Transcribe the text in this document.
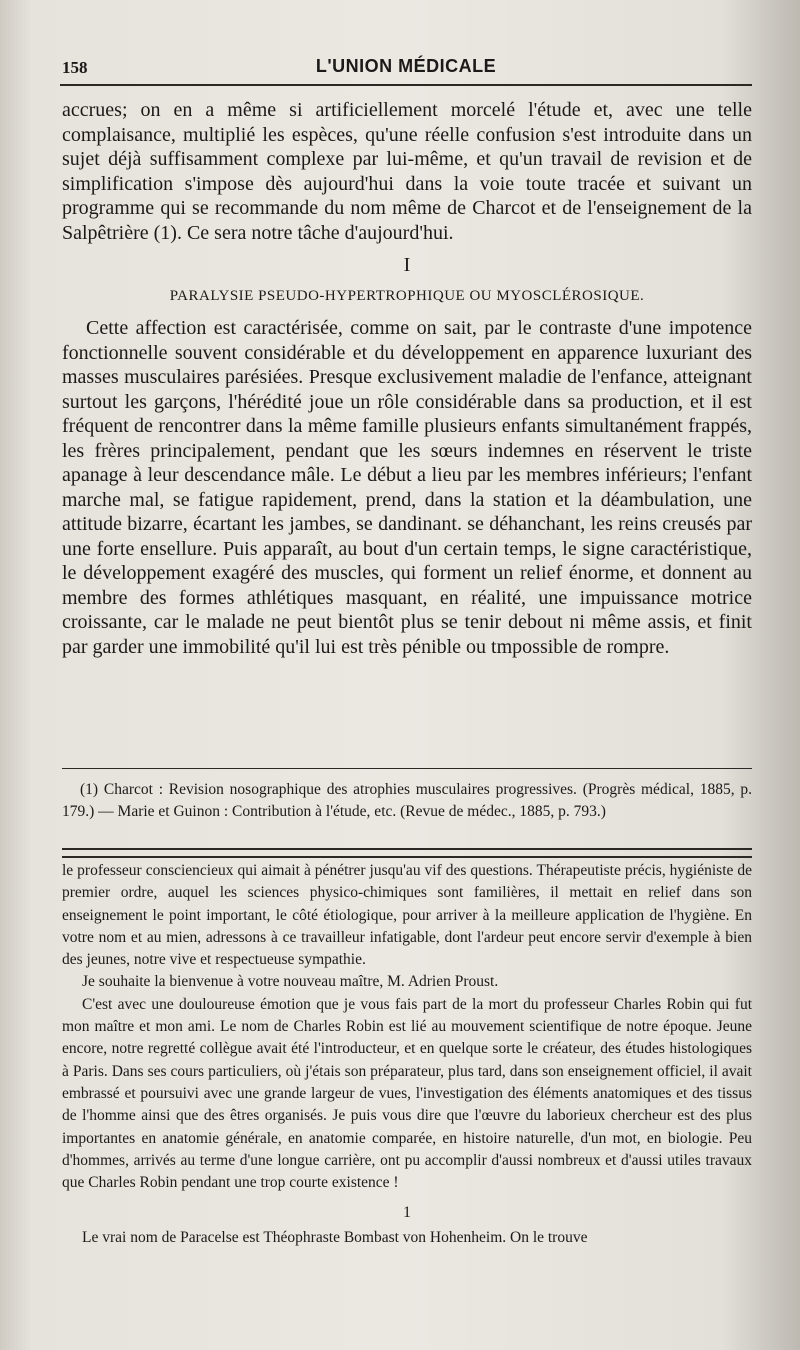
158	L'UNION MÉDICALE

accrues; on en a même si artificiellement morcelé l'étude et, avec une telle complaisance, multiplié les espèces, qu'une réelle confusion s'est introduite dans un sujet déjà suffisamment complexe par lui-même, et qu'un travail de revision et de simplification s'impose dès aujourd'hui dans la voie toute tracée et suivant un programme qui se recommande du nom même de Charcot et de l'enseignement de la Salpêtrière (1). Ce sera notre tâche d'aujourd'hui.

I
PARALYSIE PSEUDO-HYPERTROPHIQUE OU MYOSCLÉROSIQUE.

Cette affection est caractérisée, comme on sait, par le contraste d'une impotence fonctionnelle souvent considérable et du développement en apparence luxuriant des masses musculaires parésiées. Presque exclusivement maladie de l'enfance, atteignant surtout les garçons, l'hérédité joue un rôle considérable dans sa production, et il est fréquent de rencontrer dans la même famille plusieurs enfants simultanément frappés, les frères principalement, pendant que les sœurs indemnes en réservent le triste apanage à leur descendance mâle. Le début a lieu par les membres inférieurs; l'enfant marche mal, se fatigue rapidement, prend, dans la station et la déambulation, une attitude bizarre, écartant les jambes, se dandinant. se déhanchant, les reins creusés par une forte ensellure. Puis apparaît, au bout d'un certain temps, le signe caractéristique, le développement exagéré des muscles, qui forment un relief énorme, et donnent au membre des formes athlétiques masquant, en réalité, une impuissance motrice croissante, car le malade ne peut bientôt plus se tenir debout ni même assis, et finit par garder une immobilité qu'il lui est très pénible ou tmpossible de rompre.

(1) Charcot : Revision nosographique des atrophies musculaires progressives. (Progrès médical, 1885, p. 179.) — Marie et Guinon : Contribution à l'étude, etc. (Revue de médec., 1885, p. 793.)

le professeur consciencieux qui aimait à pénétrer jusqu'au vif des questions. Thérapeutiste précis, hygiéniste de premier ordre, auquel les sciences physico-chimiques sont familières, il mettait en relief dans son enseignement le point important, le côté étiologique, pour arriver à la meilleure application de l'hygiène. En votre nom et au mien, adressons à ce travailleur infatigable, dont l'ardeur peut encore servir d'exemple à bien des jeunes, notre vive et respectueuse sympathie.

Je souhaite la bienvenue à votre nouveau maître, M. Adrien Proust.

C'est avec une douloureuse émotion que je vous fais part de la mort du professeur Charles Robin qui fut mon maître et mon ami. Le nom de Charles Robin est lié au mouvement scientifique de notre époque. Jeune encore, notre regretté collègue avait été l'introducteur, et en quelque sorte le créateur, des études histologiques à Paris. Dans ses cours particuliers, où j'étais son préparateur, plus tard, dans son enseignement officiel, il avait embrassé et poursuivi avec une grande largeur de vues, l'investigation des éléments anatomiques et des tissus de l'homme ainsi que des êtres organisés. Je puis vous dire que l'œuvre du laborieux chercheur est des plus importantes en anatomie générale, en anatomie comparée, en histoire naturelle, d'un mot, en biologie. Peu d'hommes, arrivés au terme d'une longue carrière, ont pu accomplir d'aussi nombreux et d'aussi utiles travaux que Charles Robin pendant une trop courte existence !

1

Le vrai nom de Paracelse est Théophraste Bombast von Hohenheim. On le trouve
